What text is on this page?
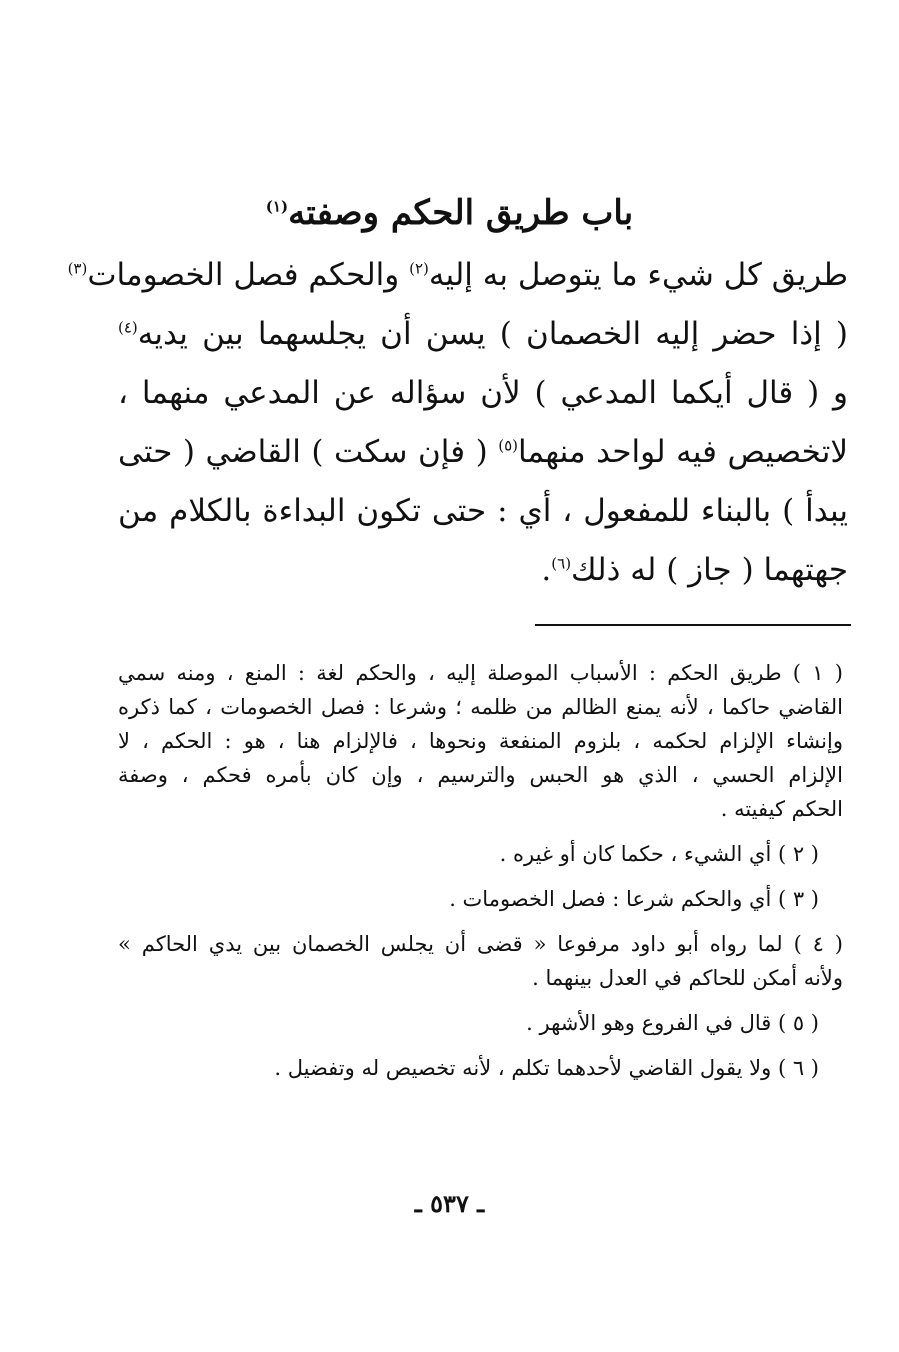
باب طريق الحكم وصفته$^{(١)}$
طريق كل شيء ما يتوصل به إليه$^{(٢)}$ والحكم فصل الخصومات$^{(٣)}$
( إذا حضر إليه الخصمان ) يسن أن يجلسهما بين يديه$^{(٤)}$
و ( قال أيكما المدعي ) لأن سؤاله عن المدعي منهما ،
لاتخصيص فيه لواحد منهما$^{(٥)}$ ( فإن سكت ) القاضي ( حتى
يبدأ ) بالبناء للمفعول ، أي : حتى تكون البداءة بالكلام من
جهتهما ( جاز ) له ذلك$^{(٦)}$.
( ١ ) طريق الحكم : الأسباب الموصلة إليه ، والحكم لغة : المنع ، ومنه سمي
القاضي حاكما ، لأنه يمنع الظالم من ظلمه ؛ وشرعا : فصل الخصومات ، كما ذكره
وإنشاء الإلزام لحكمه ، بلزوم المنفعة ونحوها ، فالإلزام هنا ، هو : الحكم ، لا
الإلزام الحسي ، الذي هو الحبس والترسيم ، وإن كان بأمره فحكم ، وصفة
الحكم كيفيته .
( ٢ ) أي الشيء ، حكما كان أو غيره .
( ٣ ) أي والحكم شرعا : فصل الخصومات .
( ٤ ) لما رواه أبو داود مرفوعا « قضى أن يجلس الخصمان بين يدي الحاكم »
ولأنه أمكن للحاكم في العدل بينهما .
( ٥ ) قال في الفروع وهو الأشهر .
( ٦ ) ولا يقول القاضي لأحدهما تكلم ، لأنه تخصيص له وتفضيل .
ـ ٥٣٧ ـ
